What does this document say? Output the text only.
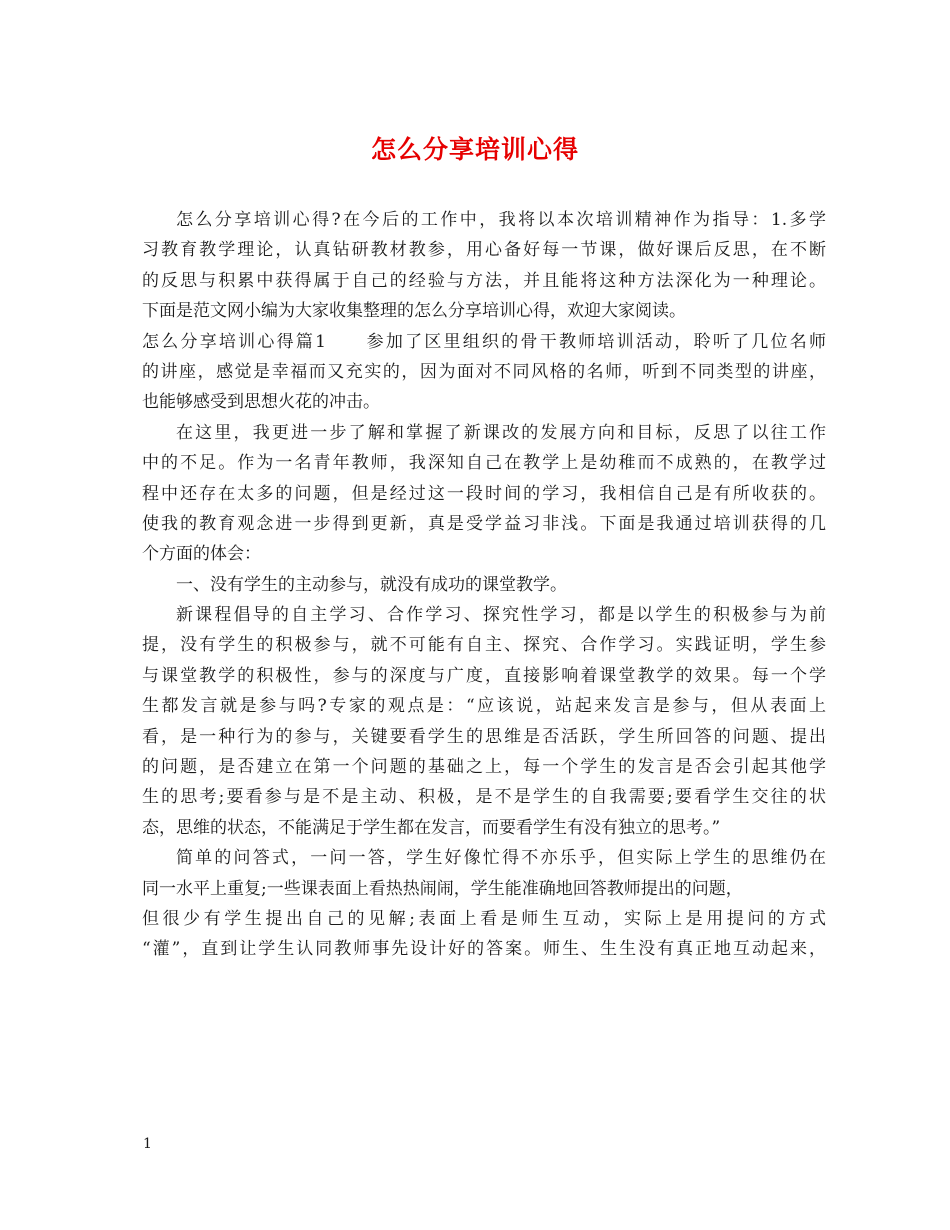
怎么分享培训心得
怎么分享培训心得?在今后的工作中，我将以本次培训精神作为指导：1.多学
习教育教学理论，认真钻研教材教参，用心备好每一节课，做好课后反思，在不断
的反思与积累中获得属于自己的经验与方法，并且能将这种方法深化为一种理论。
下面是范文网小编为大家收集整理的怎么分享培训心得，欢迎大家阅读。
怎么分享培训心得篇1　　参加了区里组织的骨干教师培训活动，聆听了几位名师
的讲座，感觉是幸福而又充实的，因为面对不同风格的名师，听到不同类型的讲座，
也能够感受到思想火花的冲击。
在这里，我更进一步了解和掌握了新课改的发展方向和目标，反思了以往工作
中的不足。作为一名青年教师，我深知自己在教学上是幼稚而不成熟的，在教学过
程中还存在太多的问题，但是经过这一段时间的学习，我相信自己是有所收获的。
使我的教育观念进一步得到更新，真是受学益习非浅。下面是我通过培训获得的几
个方面的体会：
一、没有学生的主动参与，就没有成功的课堂教学。
新课程倡导的自主学习、合作学习、探究性学习，都是以学生的积极参与为前
提，没有学生的积极参与，就不可能有自主、探究、合作学习。实践证明，学生参
与课堂教学的积极性，参与的深度与广度，直接影响着课堂教学的效果。每一个学
生都发言就是参与吗?专家的观点是：“应该说，站起来发言是参与，但从表面上
看，是一种行为的参与，关键要看学生的思维是否活跃，学生所回答的问题、提出
的问题，是否建立在第一个问题的基础之上，每一个学生的发言是否会引起其他学
生的思考;要看参与是不是主动、积极，是不是学生的自我需要;要看学生交往的状
态，思维的状态，不能满足于学生都在发言，而要看学生有没有独立的思考。”
简单的问答式，一问一答，学生好像忙得不亦乐乎，但实际上学生的思维仍在
同一水平上重复;一些课表面上看热热闹闹，学生能准确地回答教师提出的问题，
但很少有学生提出自己的见解;表面上看是师生互动，实际上是用提问的方式
“灌”，直到让学生认同教师事先设计好的答案。师生、生生没有真正地互动起来，
1
